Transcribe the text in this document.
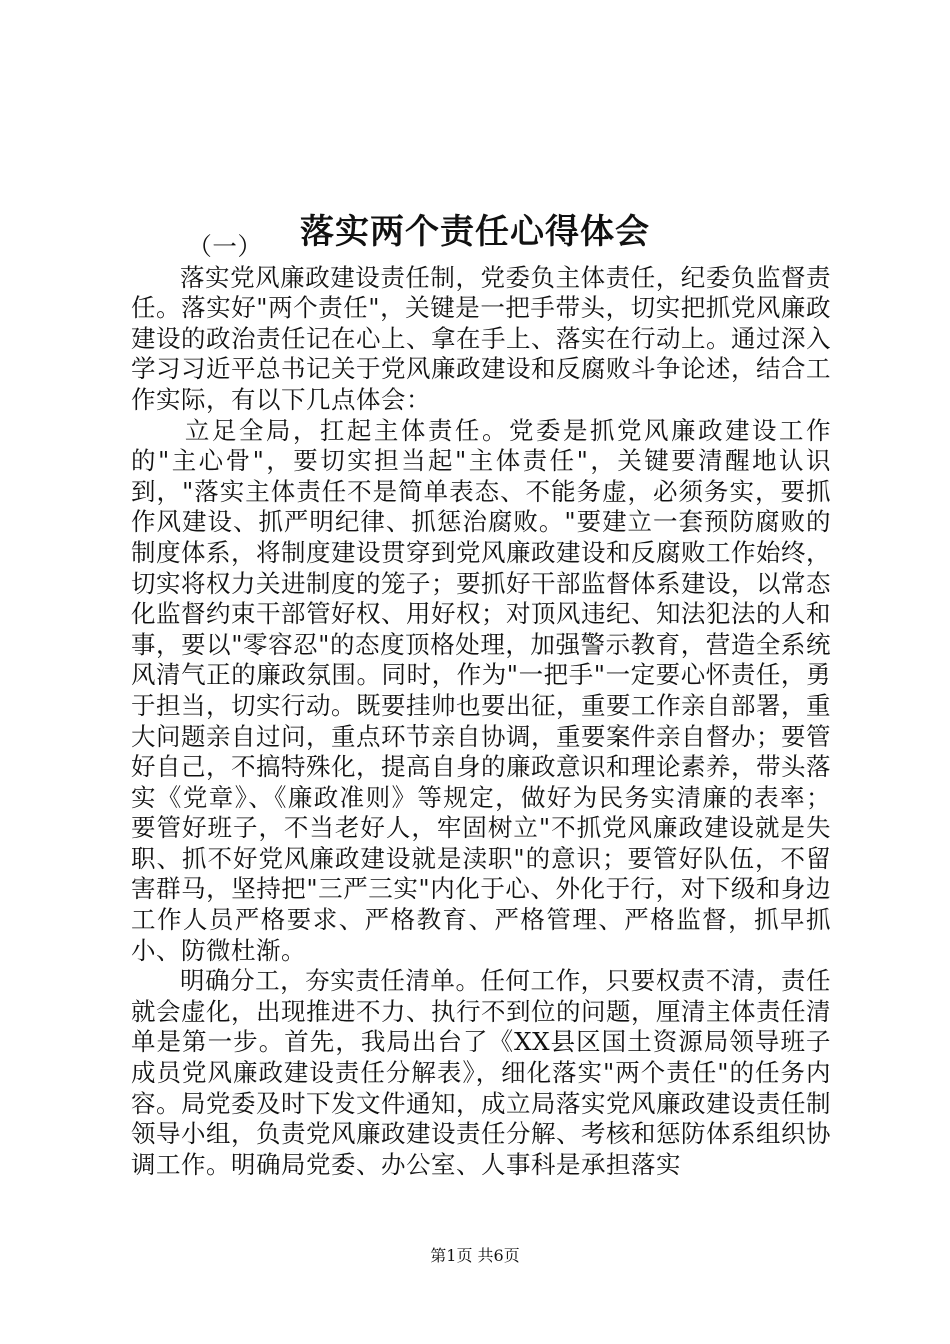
落实两个责任心得体会

（一）

落实党风廉政建设责任制，党委负主体责任，纪委负监督责任。落实好"两个责任"，关键是一把手带头，切实把抓党风廉政建设的政治责任记在心上、拿在手上、落实在行动上。通过深入学习习近平总书记关于党风廉政建设和反腐败斗争论述，结合工作实际，有以下几点体会：

立足全局，扛起主体责任。党委是抓党风廉政建设工作的"主心骨"，要切实担当起"主体责任"，关键要清醒地认识到，"落实主体责任不是简单表态、不能务虚，必须务实，要抓作风建设、抓严明纪律、抓惩治腐败。"要建立一套预防腐败的制度体系，将制度建设贯穿到党风廉政建设和反腐败工作始终，切实将权力关进制度的笼子；要抓好干部监督体系建设，以常态化监督约束干部管好权、用好权；对顶风违纪、知法犯法的人和事，要以"零容忍"的态度顶格处理，加强警示教育，营造全系统风清气正的廉政氛围。同时，作为"一把手"一定要心怀责任，勇于担当，切实行动。既要挂帅也要出征，重要工作亲自部署，重大问题亲自过问，重点环节亲自协调，重要案件亲自督办；要管好自己，不搞特殊化，提高自身的廉政意识和理论素养，带头落实《党章》、《廉政准则》等规定，做好为民务实清廉的表率；要管好班子，不当老好人，牢固树立"不抓党风廉政建设就是失职、抓不好党风廉政建设就是渎职"的意识；要管好队伍，不留害群马，坚持把"三严三实"内化于心、外化于行，对下级和身边工作人员严格要求、严格教育、严格管理、严格监督，抓早抓小、防微杜渐。

明确分工，夯实责任清单。任何工作，只要权责不清，责任就会虚化，出现推进不力、执行不到位的问题，厘清主体责任清单是第一步。首先，我局出台了《XX县区国土资源局领导班子成员党风廉政建设责任分解表》，细化落实"两个责任"的任务内容。局党委及时下发文件通知，成立局落实党风廉政建设责任制领导小组，负责党风廉政建设责任分解、考核和惩防体系组织协调工作。明确局党委、办公室、人事科是承担落实

第1页 共6页
